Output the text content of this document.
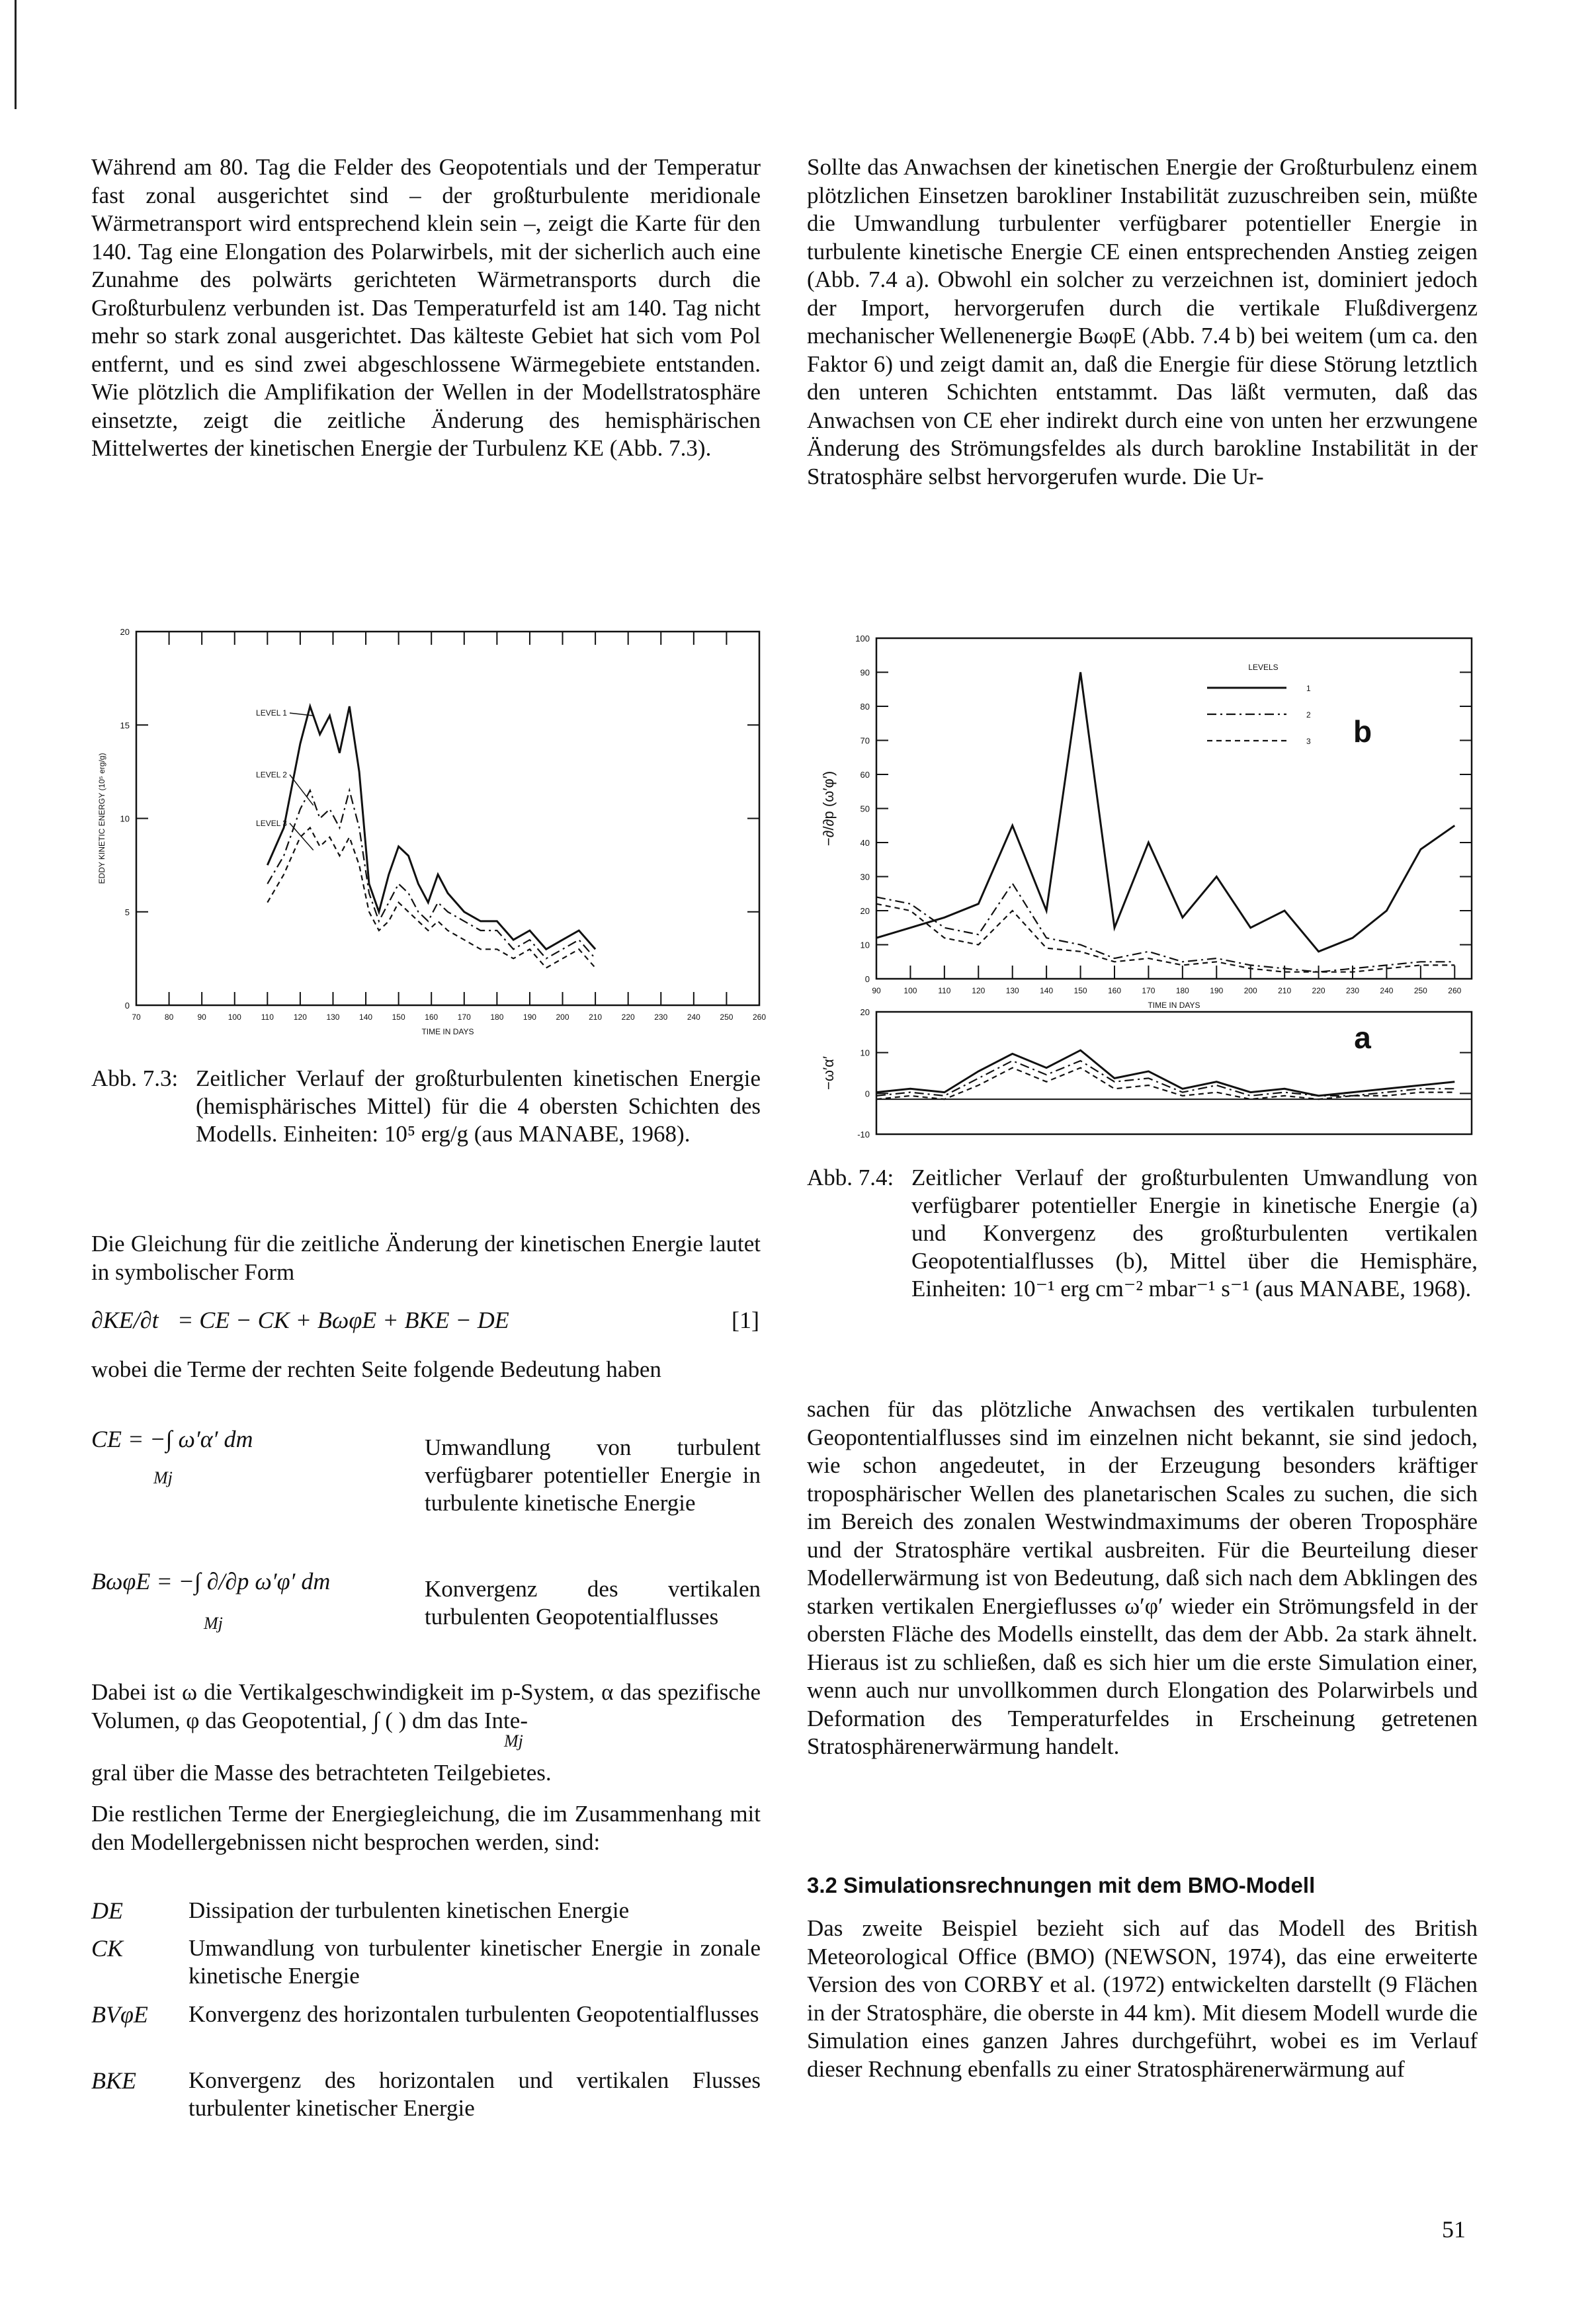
Während am 80. Tag die Felder des Geopotentials und der Temperatur fast zonal ausgerichtet sind – der großturbulente meridionale Wärmetransport wird entsprechend klein sein –, zeigt die Karte für den 140. Tag eine Elongation des Polarwirbels, mit der sicherlich auch eine Zunahme des polwärts gerichteten Wärmetransports durch die Großturbulenz verbunden ist. Das Temperaturfeld ist am 140. Tag nicht mehr so stark zonal ausgerichtet. Das kälteste Gebiet hat sich vom Pol entfernt, und es sind zwei abgeschlossene Wärmegebiete entstanden. Wie plötzlich die Amplifikation der Wellen in der Modellstratosphäre einsetzte, zeigt die zeitliche Änderung des hemisphärischen Mittelwertes der kinetischen Energie der Turbulenz KE (Abb. 7.3).

0
5
10
15
20
70	80	90	100 110 120 130 140 150 160 170 180 190 200 210 220 230 240 250 260
TIME IN DAYS
EDDY KINETIC ENERGY (10⁵ erg/g)
LEVEL 1
LEVEL 2
LEVEL 3
Abb. 7.3: Zeitlicher Verlauf der großturbulenten kinetischen Energie (hemisphärisches Mittel) für die 4 obersten Schichten des Modells. Einheiten: 10⁵ erg/g (aus MANABE, 1968).

Die Gleichung für die zeitliche Änderung der kinetischen Energie lautet in symbolischer Form

∂KE/∂t = CE − CK + BωφE + BKE − DE	[1]

wobei die Terme der rechten Seite folgende Bedeutung haben

CE = −∫ ω′α′ dm
Mj
Umwandlung von turbulent verfügbarer potentieller Energie in turbulente kinetische Energie
BωφE = −∫ ∂/∂p ω′φ′ dm
Mj
Konvergenz des vertikalen turbulenten Geopotentialflusses

Dabei ist ω die Vertikalgeschwindigkeit im p-System, α das spezifische Volumen, φ das Geopotential, ∫ ( ) dm das Inte-

Mj

gral über die Masse des betrachteten Teilgebietes.

Die restlichen Terme der Energiegleichung, die im Zusammenhang mit den Modellergebnissen nicht besprochen werden, sind:

DE	Dissipation der turbulenten kinetischen Energie
CK	Umwandlung von turbulenter kinetischer Energie in zonale kinetische Energie
BVφE Konvergenz des horizontalen turbulenten Geopotentialflusses
BKE Konvergenz des horizontalen und vertikalen Flusses turbulenter kinetischer Energie

Sollte das Anwachsen der kinetischen Energie der Großturbulenz einem plötzlichen Einsetzen barokliner Instabilität zuzuschreiben sein, müßte die Umwandlung turbulenter verfügbarer potentieller Energie in turbulente kinetische Energie CE einen entsprechenden Anstieg zeigen (Abb. 7.4 a). Obwohl ein solcher zu verzeichnen ist, dominiert jedoch der Import, hervorgerufen durch die vertikale Flußdivergenz mechanischer Wellenenergie BωφE (Abb. 7.4 b) bei weitem (um ca. den Faktor 6) und zeigt damit an, daß die Energie für diese Störung letztlich den unteren Schichten entstammt. Das läßt vermuten, daß das Anwachsen von CE eher indirekt durch eine von unten her erzwungene Änderung des Strömungsfeldes als durch barokline Instabilität in der Stratosphäre selbst hervorgerufen wurde. Die Ur-

0
10
20
30
40
50
60
70
80
90
100
90	100	110	120	130	140	150	160	170	180	190	200	210	220	230	240	250	260
TIME IN DAYS
−∂/∂p (ω′φ′)
-10
0
10
20
−ω′α′
LEVELS
1
2
3 b
a
Abb. 7.4: Zeitlicher Verlauf der großturbulenten Umwandlung von verfügbarer potentieller Energie in kinetische Energie (a) und Konvergenz des großturbulenten vertikalen Geopotentialflusses (b), Mittel über die Hemisphäre, Einheiten: 10⁻¹ erg cm⁻² mbar⁻¹ s⁻¹ (aus MANABE, 1968).

sachen für das plötzliche Anwachsen des vertikalen turbulenten Geopontentialflusses sind im einzelnen nicht bekannt, sie sind jedoch, wie schon angedeutet, in der Erzeugung besonders kräftiger troposphärischer Wellen des planetarischen Scales zu suchen, die sich im Bereich des zonalen Westwindmaximums der oberen Troposphäre und der Stratosphäre vertikal ausbreiten. Für die Beurteilung dieser Modellerwärmung ist von Bedeutung, daß sich nach dem Abklingen des starken vertikalen Energieflusses ω′φ′ wieder ein Strömungsfeld in der obersten Fläche des Modells einstellt, das dem der Abb. 2a stark ähnelt. Hieraus ist zu schließen, daß es sich hier um die erste Simulation einer, wenn auch nur unvollkommen durch Elongation des Polarwirbels und Deformation des Temperaturfeldes in Erscheinung getretenen Stratosphärenerwärmung handelt.

3.2 Simulationsrechnungen mit dem BMO-Modell

Das zweite Beispiel bezieht sich auf das Modell des British Meteorological Office (BMO) (NEWSON, 1974), das eine erweiterte Version des von CORBY et al. (1972) entwickelten darstellt (9 Flächen in der Stratosphäre, die oberste in 44 km). Mit diesem Modell wurde die Simulation eines ganzen Jahres durchgeführt, wobei es im Verlauf dieser Rechnung ebenfalls zu einer Stratosphärenerwärmung auf

51
